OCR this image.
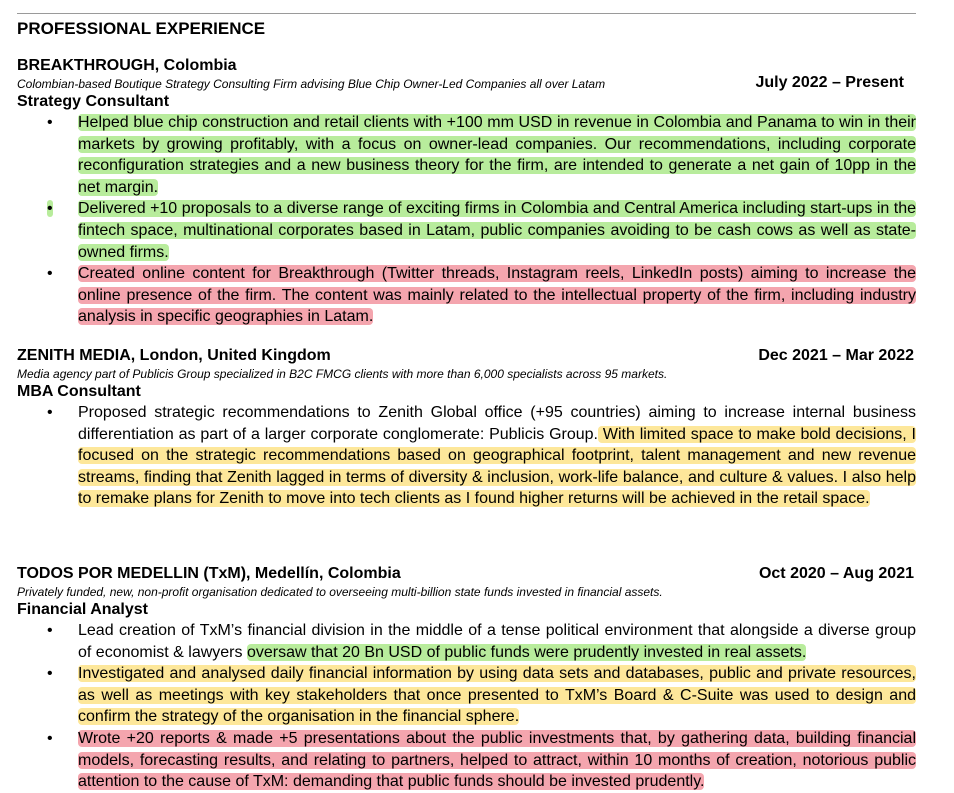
PROFESSIONAL EXPERIENCE
BREAKTHROUGH, Colombia
Colombian-based Boutique Strategy Consulting Firm advising Blue Chip Owner-Led Companies all over Latam	July 2022 – Present
Strategy Consultant
• Helped blue chip construction and retail clients with +100 mm USD in revenue in Colombia and Panama to win in their markets by growing profitably, with a focus on owner-lead companies. Our recommendations, including corporate reconfiguration strategies and a new business theory for the firm, are intended to generate a net gain of 10pp in the net margin.
• Delivered +10 proposals to a diverse range of exciting firms in Colombia and Central America including start-ups in the fintech space, multinational corporates based in Latam, public companies avoiding to be cash cows as well as state-owned firms.
• Created online content for Breakthrough (Twitter threads, Instagram reels, LinkedIn posts) aiming to increase the online presence of the firm. The content was mainly related to the intellectual property of the firm, including industry analysis in specific geographies in Latam.
ZENITH MEDIA, London, United Kingdom	Dec 2021 – Mar 2022
Media agency part of Publicis Group specialized in B2C FMCG clients with more than 6,000 specialists across 95 markets.
MBA Consultant
• Proposed strategic recommendations to Zenith Global office (+95 countries) aiming to increase internal business differentiation as part of a larger corporate conglomerate: Publicis Group. With limited space to make bold decisions, I focused on the strategic recommendations based on geographical footprint, talent management and new revenue streams, finding that Zenith lagged in terms of diversity & inclusion, work-life balance, and culture & values. I also help to remake plans for Zenith to move into tech clients as I found higher returns will be achieved in the retail space.
TODOS POR MEDELLIN (TxM), Medellín, Colombia	Oct 2020 – Aug 2021
Privately funded, new, non-profit organisation dedicated to overseeing multi-billion state funds invested in financial assets.
Financial Analyst
• Lead creation of TxM’s financial division in the middle of a tense political environment that alongside a diverse group of economist & lawyers oversaw that 20 Bn USD of public funds were prudently invested in real assets.
• Investigated and analysed daily financial information by using data sets and databases, public and private resources, as well as meetings with key stakeholders that once presented to TxM’s Board & C-Suite was used to design and confirm the strategy of the organisation in the financial sphere.
• Wrote +20 reports & made +5 presentations about the public investments that, by gathering data, building financial models, forecasting results, and relating to partners, helped to attract, within 10 months of creation, notorious public attention to the cause of TxM: demanding that public funds should be invested prudently.
